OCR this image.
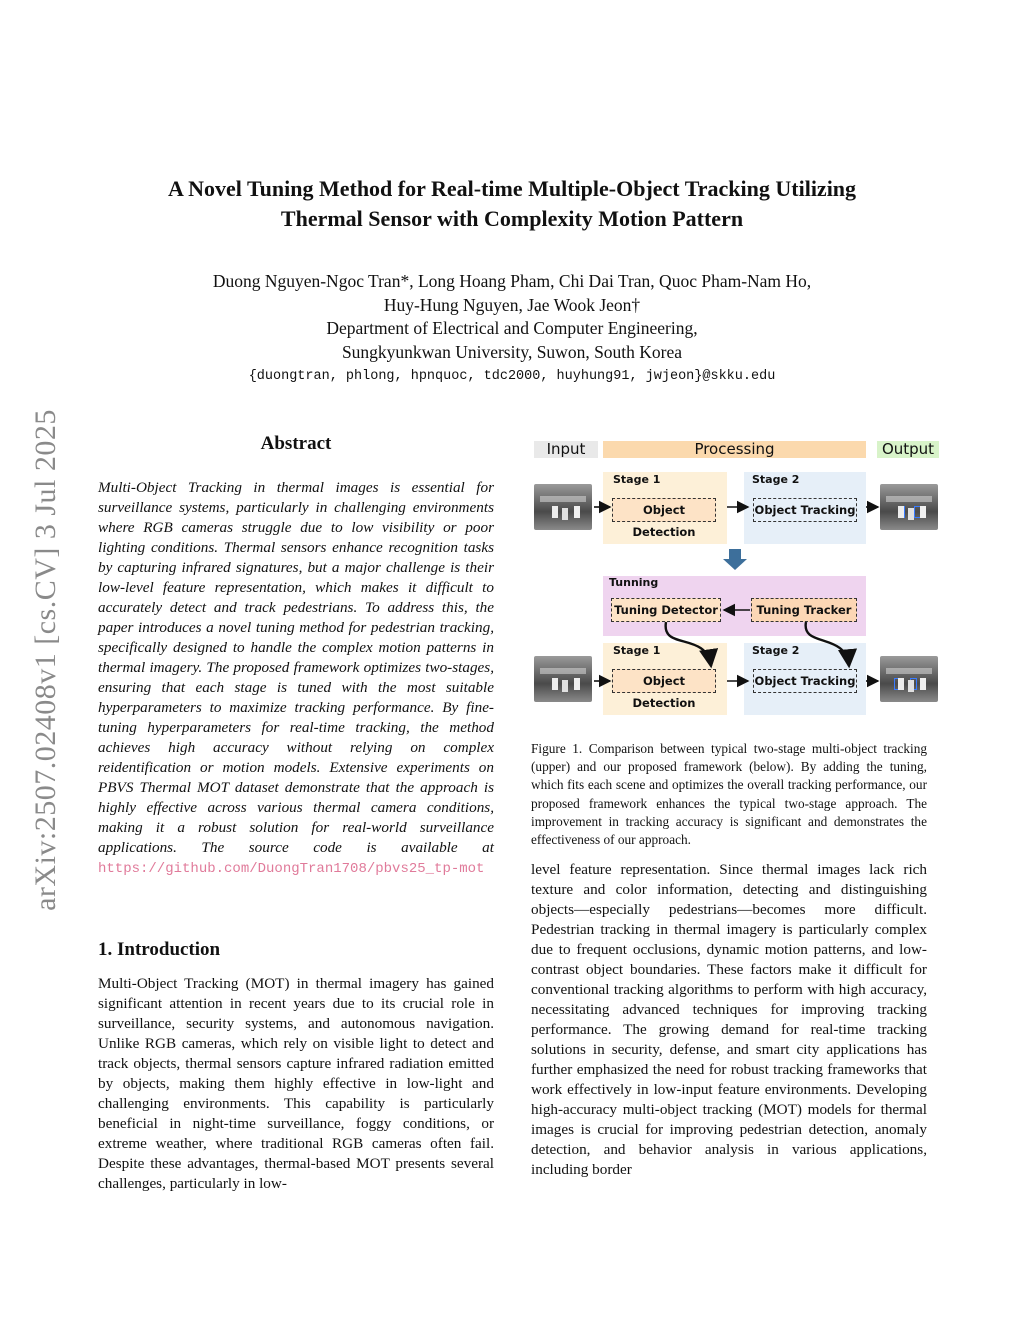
arXiv:2507.02408v1 [cs.CV] 3 Jul 2025
A Novel Tuning Method for Real-time Multiple-Object Tracking Utilizing
Thermal Sensor with Complexity Motion Pattern
Duong Nguyen-Ngoc Tran*, Long Hoang Pham, Chi Dai Tran, Quoc Pham-Nam Ho,
Huy-Hung Nguyen, Jae Wook Jeon†
Department of Electrical and Computer Engineering,
Sungkyunkwan University, Suwon, South Korea
{duongtran, phlong, hpnquoc, tdc2000, huyhung91, jwjeon}@skku.edu
Abstract
Multi-Object Tracking in thermal images is essential for surveillance systems, particularly in challenging environments where RGB cameras struggle due to low visibility or poor lighting conditions. Thermal sensors enhance recognition tasks by capturing infrared signatures, but a major challenge is their low-level feature representation, which makes it difficult to accurately detect and track pedestrians. To address this, the paper introduces a novel tuning method for pedestrian tracking, specifically designed to handle the complex motion patterns in thermal imagery. The proposed framework optimizes two-stages, ensuring that each stage is tuned with the most suitable hyperparameters to maximize tracking performance. By fine-tuning hyperparameters for real-time tracking, the method achieves high accuracy without relying on complex reidentification or motion models. Extensive experiments on PBVS Thermal MOT dataset demonstrate that the approach is highly effective across various thermal camera conditions, making it a robust solution for real-world surveillance applications. The source code is available at https://github.com/DuongTran1708/pbvs25_tp-mot
1. Introduction
Multi-Object Tracking (MOT) in thermal imagery has gained significant attention in recent years due to its crucial role in surveillance, security systems, and autonomous navigation. Unlike RGB cameras, which rely on visible light to detect and track objects, thermal sensors capture infrared radiation emitted by objects, making them highly effective in low-light and challenging environments. This capability is particularly beneficial in night-time surveillance, foggy conditions, or extreme weather, where traditional RGB cameras often fail. Despite these advantages, thermal-based MOT presents several challenges, particularly in low-
Input	Processing	Output
Stage 1
Object Detection
Stage 2
Object Tracking
Tunning
Tuning Detector	Tuning Tracker
Stage 1
Object Detection
Stage 2
Object Tracking
Figure 1. Comparison between typical two-stage multi-object tracking (upper) and our proposed framework (below). By adding the tuning, which fits each scene and optimizes the overall tracking performance, our proposed framework enhances the typical two-stage approach. The improvement in tracking accuracy is significant and demonstrates the effectiveness of our approach.
level feature representation. Since thermal images lack rich texture and color information, detecting and distinguishing objects—especially pedestrians—becomes more difficult. Pedestrian tracking in thermal imagery is particularly complex due to frequent occlusions, dynamic motion patterns, and low-contrast object boundaries. These factors make it difficult for conventional tracking algorithms to perform with high accuracy, necessitating advanced techniques for improving tracking performance. The growing demand for real-time tracking solutions in security, defense, and smart city applications has further emphasized the need for robust tracking frameworks that work effectively in low-input feature environments. Developing high-accuracy multi-object tracking (MOT) models for thermal images is crucial for improving pedestrian detection, anomaly detection, and behavior analysis in various applications, including border
